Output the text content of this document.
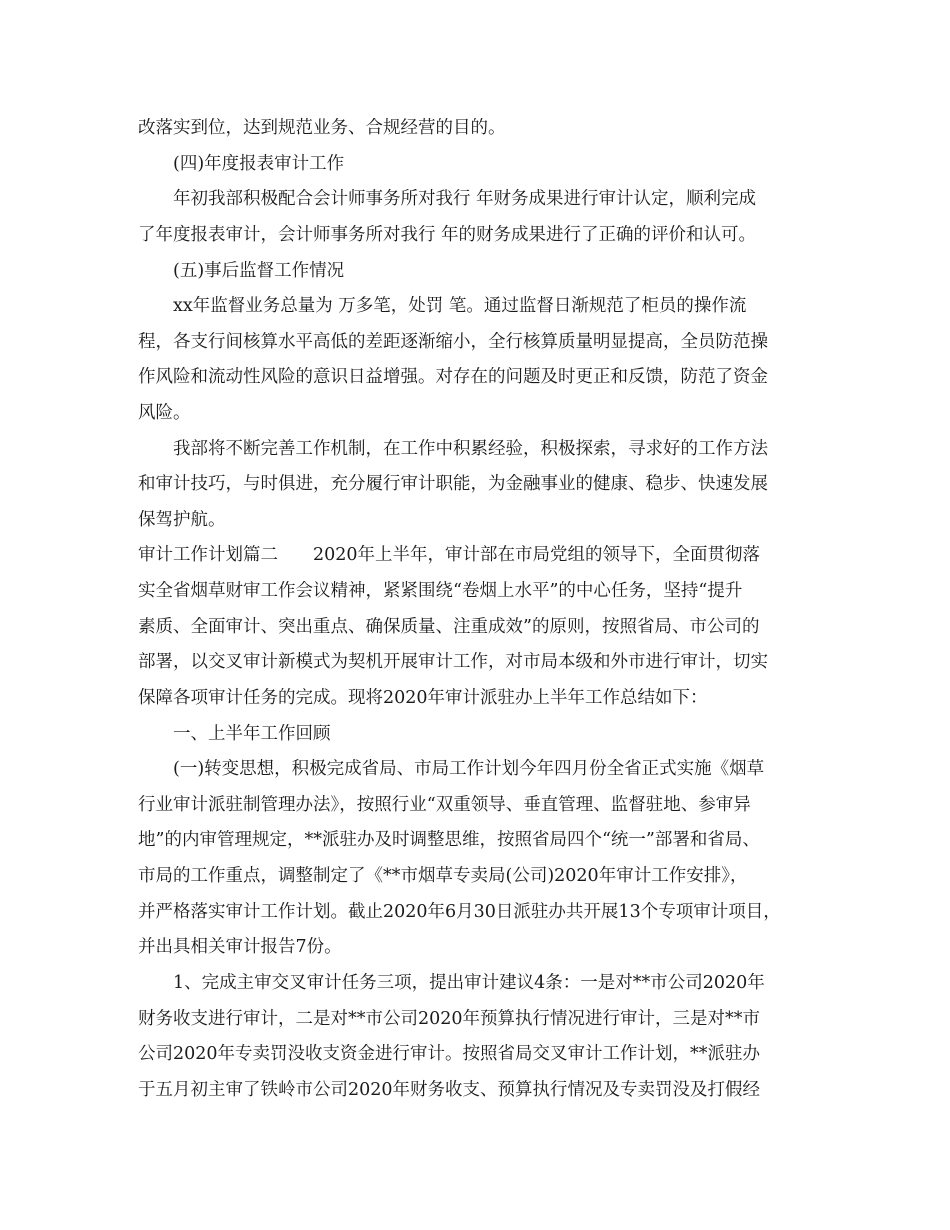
改落实到位，达到规范业务、合规经营的目的。
(四)年度报表审计工作
年初我部积极配合会计师事务所对我行 年财务成果进行审计认定，顺利完成
了年度报表审计，会计师事务所对我行 年的财务成果进行了正确的评价和认可。
(五)事后监督工作情况
xx年监督业务总量为 万多笔，处罚 笔。通过监督日渐规范了柜员的操作流
程，各支行间核算水平高低的差距逐渐缩小，全行核算质量明显提高，全员防范操
作风险和流动性风险的意识日益增强。对存在的问题及时更正和反馈，防范了资金
风险。
我部将不断完善工作机制，在工作中积累经验，积极探索，寻求好的工作方法
和审计技巧，与时俱进，充分履行审计职能，为金融事业的健康、稳步、快速发展
保驾护航。
审计工作计划篇二　　2020年上半年，审计部在市局党组的领导下，全面贯彻落
实全省烟草财审工作会议精神，紧紧围绕“卷烟上水平”的中心任务，坚持“提升
素质、全面审计、突出重点、确保质量、注重成效”的原则，按照省局、市公司的
部署，以交叉审计新模式为契机开展审计工作，对市局本级和外市进行审计，切实
保障各项审计任务的完成。现将2020年审计派驻办上半年工作总结如下：
一、上半年工作回顾
(一)转变思想，积极完成省局、市局工作计划今年四月份全省正式实施《烟草
行业审计派驻制管理办法》，按照行业“双重领导、垂直管理、监督驻地、参审异
地”的内审管理规定，**派驻办及时调整思维，按照省局四个“统一”部署和省局、
市局的工作重点，调整制定了《**市烟草专卖局(公司)2020年审计工作安排》，
并严格落实审计工作计划。截止2020年6月30日派驻办共开展13个专项审计项目，
并出具相关审计报告7份。
1、完成主审交叉审计任务三项，提出审计建议4条：一是对**市公司2020年
财务收支进行审计，二是对**市公司2020年预算执行情况进行审计，三是对**市
公司2020年专卖罚没收支资金进行审计。按照省局交叉审计工作计划，**派驻办
于五月初主审了铁岭市公司2020年财务收支、预算执行情况及专卖罚没及打假经
